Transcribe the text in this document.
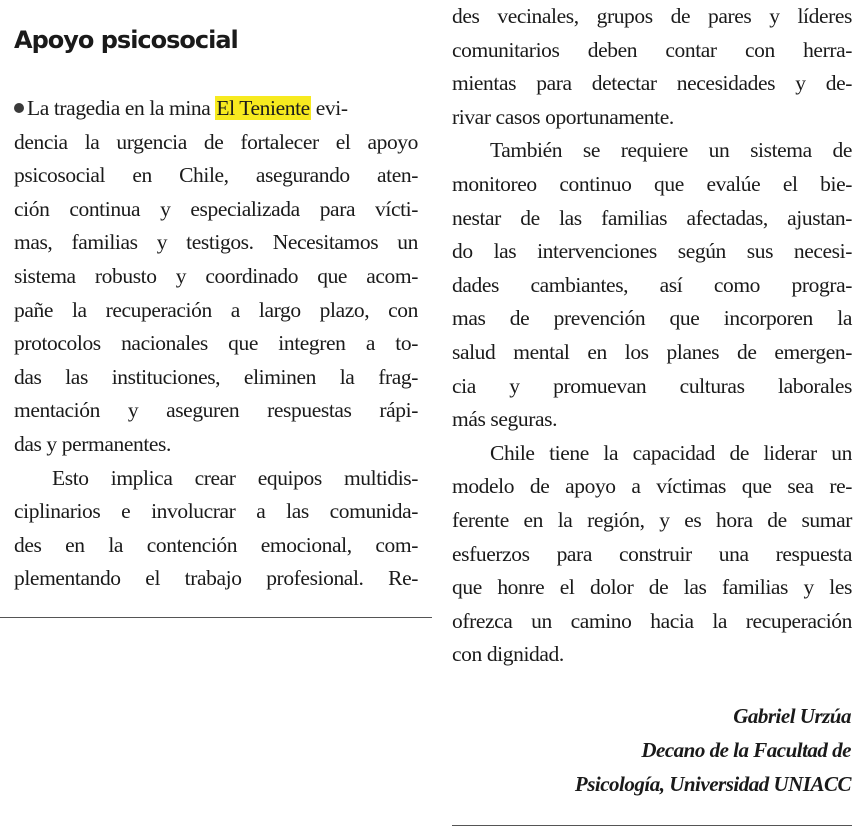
Apoyo psicosocial
La tragedia en la mina El Teniente evi-
dencia la urgencia de fortalecer el apoyo
psicosocial en Chile, asegurando aten-
ción continua y especializada para vícti-
mas, familias y testigos. Necesitamos un
sistema robusto y coordinado que acom-
pañe la recuperación a largo plazo, con
protocolos nacionales que integren a to-
das las instituciones, eliminen la frag-
mentación y aseguren respuestas rápi-
das y permanentes.
Esto implica crear equipos multidis-
ciplinarios e involucrar a las comunida-
des en la contención emocional, com-
plementando el trabajo profesional. Re-
des vecinales, grupos de pares y líderes
comunitarios deben contar con herra-
mientas para detectar necesidades y de-
rivar casos oportunamente.
También se requiere un sistema de
monitoreo continuo que evalúe el bie-
nestar de las familias afectadas, ajustan-
do las intervenciones según sus necesi-
dades cambiantes, así como progra-
mas de prevención que incorporen la
salud mental en los planes de emergen-
cia y promuevan culturas laborales
más seguras.
Chile tiene la capacidad de liderar un
modelo de apoyo a víctimas que sea re-
ferente en la región, y es hora de sumar
esfuerzos para construir una respuesta
que honre el dolor de las familias y les
ofrezca un camino hacia la recuperación
con dignidad.
Gabriel Urzúa
Decano de la Facultad de
Psicología, Universidad UNIACC
